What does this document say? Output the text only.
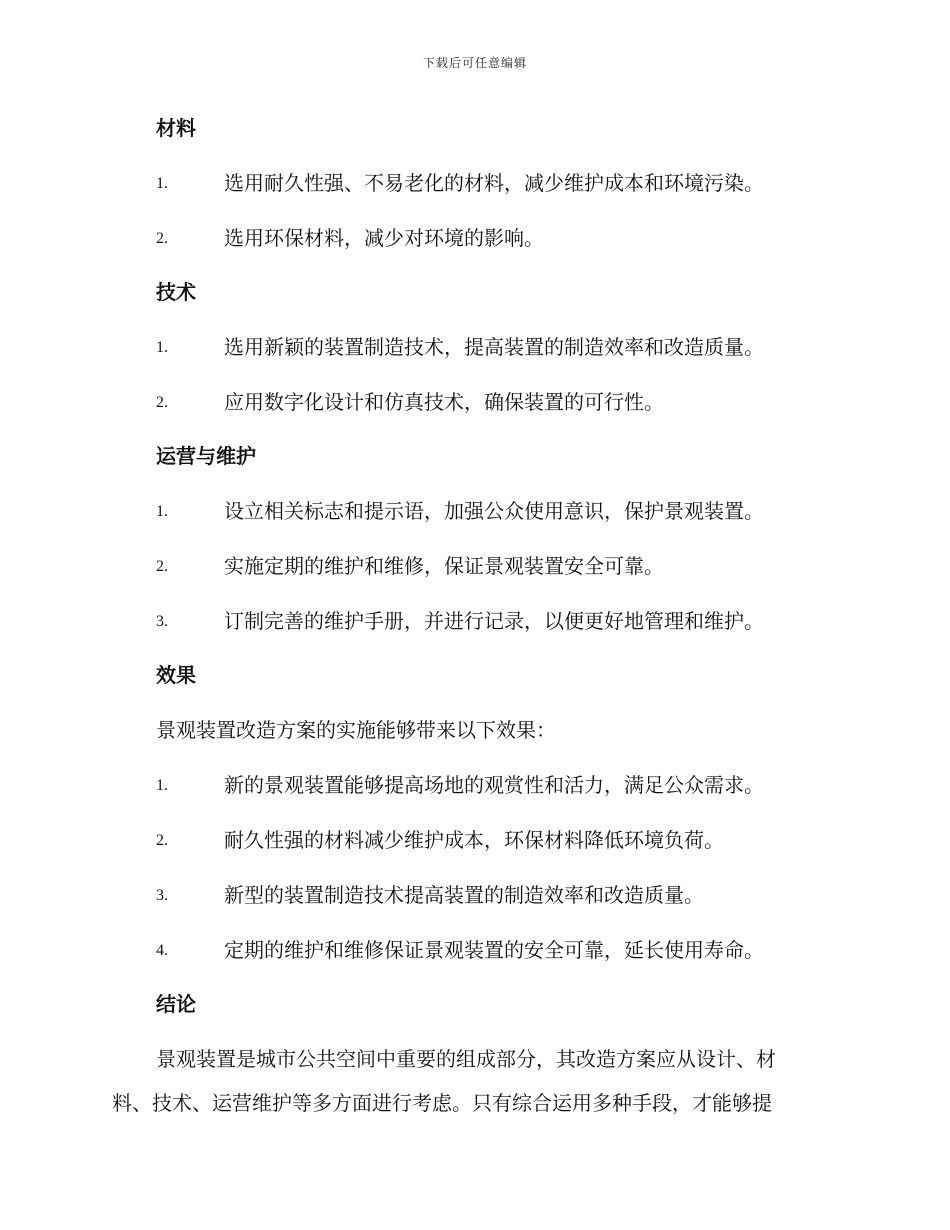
下载后可任意编辑
材料
1.	选用耐久性强、不易老化的材料，减少维护成本和环境污染。
2.	选用环保材料，减少对环境的影响。
技术
1.	选用新颖的装置制造技术，提高装置的制造效率和改造质量。
2.	应用数字化设计和仿真技术，确保装置的可行性。
运营与维护
1.	设立相关标志和提示语，加强公众使用意识，保护景观装置。
2.	实施定期的维护和维修，保证景观装置安全可靠。
3.	订制完善的维护手册，并进行记录，以便更好地管理和维护。
效果
景观装置改造方案的实施能够带来以下效果：
1.	新的景观装置能够提高场地的观赏性和活力，满足公众需求。
2.	耐久性强的材料减少维护成本，环保材料降低环境负荷。
3.	新型的装置制造技术提高装置的制造效率和改造质量。
4.	定期的维护和维修保证景观装置的安全可靠，延长使用寿命。
结论
景观装置是城市公共空间中重要的组成部分，其改造方案应从设计、材
料、技术、运营维护等多方面进行考虑。只有综合运用多种手段，才能够提
